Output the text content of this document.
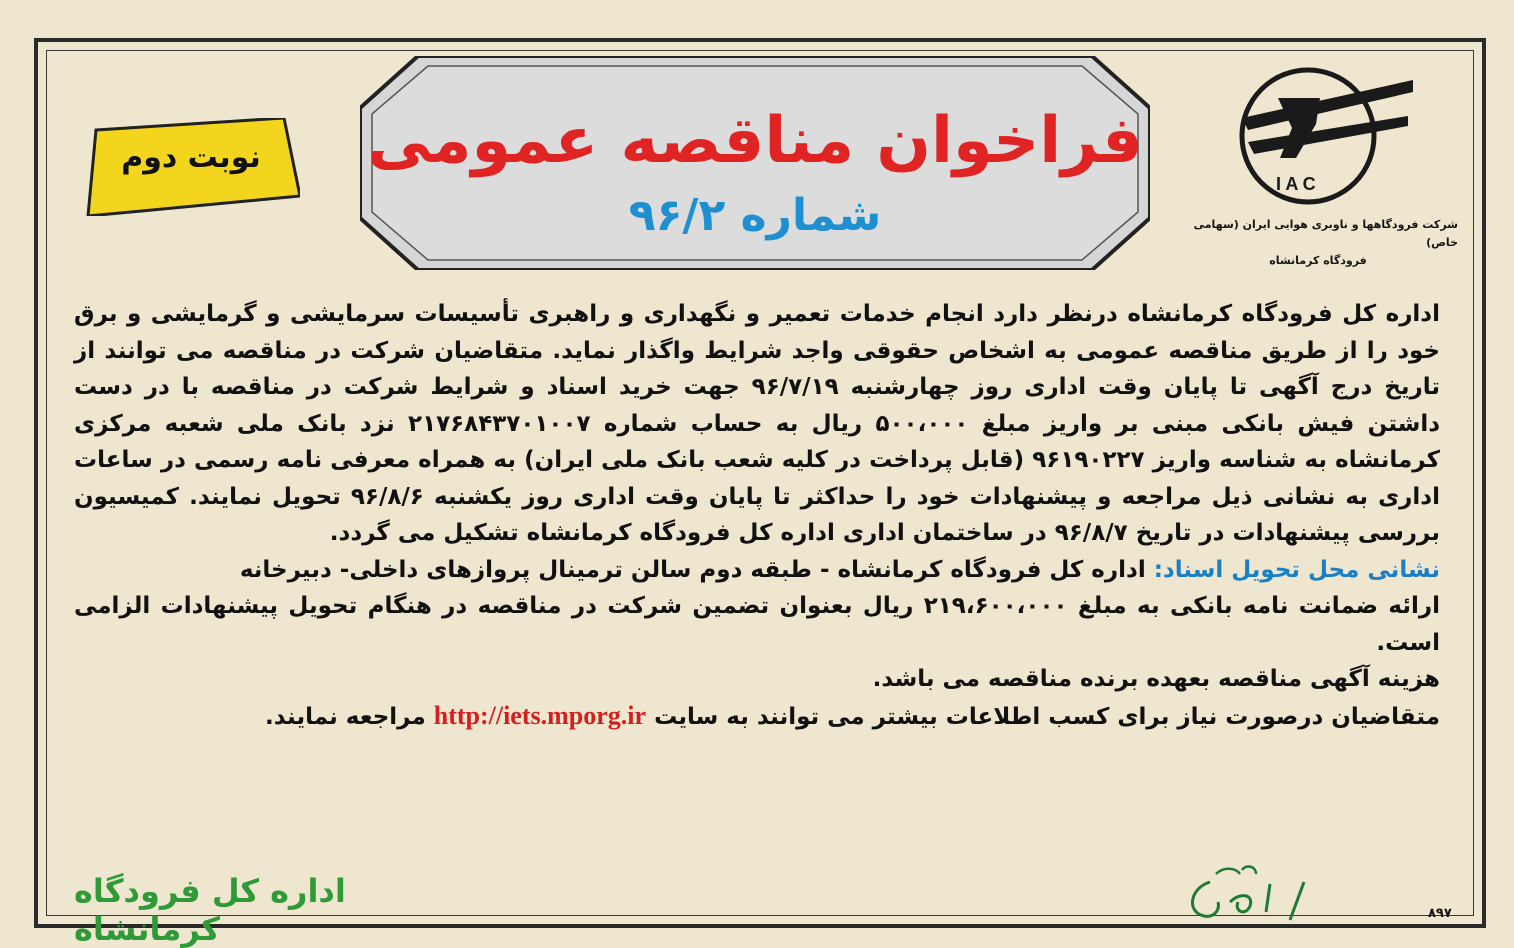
I A C
شرکت فرودگاهها و ناوبری هوایی ایران (سهامی خاص)
فرودگاه کرمانشاه
فراخوان مناقصه عمومی
شماره ۹۶/۲
نوبت دوم

اداره کل فرودگاه کرمانشاه درنظر دارد انجام خدمات تعمیر و نگهداری و راهبری تأسیسات سرمایشی و گرمایشی و برق خود را از طریق مناقصه عمومی به اشخاص حقوقی واجد شرایط واگذار نماید. متقاضیان شرکت در مناقصه می توانند از تاریخ درج آگهی تا پایان وقت اداری روز چهارشنبه ۹۶/۷/۱۹ جهت خرید اسناد و شرایط شرکت در مناقصه با در دست داشتن فیش بانکی مبنی بر واریز مبلغ ۵۰۰،۰۰۰ ریال به حساب شماره ۲۱۷۶۸۴۳۷۰۱۰۰۷ نزد بانک ملی شعبه مرکزی کرمانشاه به شناسه واریز ۹۶۱۹۰۲۲۷ (قابل پرداخت در کلیه شعب بانک ملی ایران) به همراه معرفی نامه رسمی در ساعات اداری به نشانی ذیل مراجعه و پیشنهادات خود را حداکثر تا پایان وقت اداری روز یکشنبه ۹۶/۸/۶ تحویل نمایند. کمیسیون بررسی پیشنهادات در تاریخ ۹۶/۸/۷ در ساختمان اداری اداره کل فرودگاه کرمانشاه تشکیل می گردد.

نشانی محل تحویل اسناد: اداره کل فرودگاه کرمانشاه - طبقه دوم سالن ترمینال پروازهای داخلی- دبیرخانه

ارائه ضمانت نامه بانکی به مبلغ ۲۱۹،۶۰۰،۰۰۰ ریال بعنوان تضمین شرکت در مناقصه در هنگام تحویل پیشنهادات الزامی است.

هزینه آگهی مناقصه بعهده برنده مناقصه می باشد.

متقاضیان درصورت نیاز برای کسب اطلاعات بیشتر می توانند به سایت http://iets.mporg.ir مراجعه نمایند.

اداره کل فرودگاه کرمانشاه	۸۹۷
